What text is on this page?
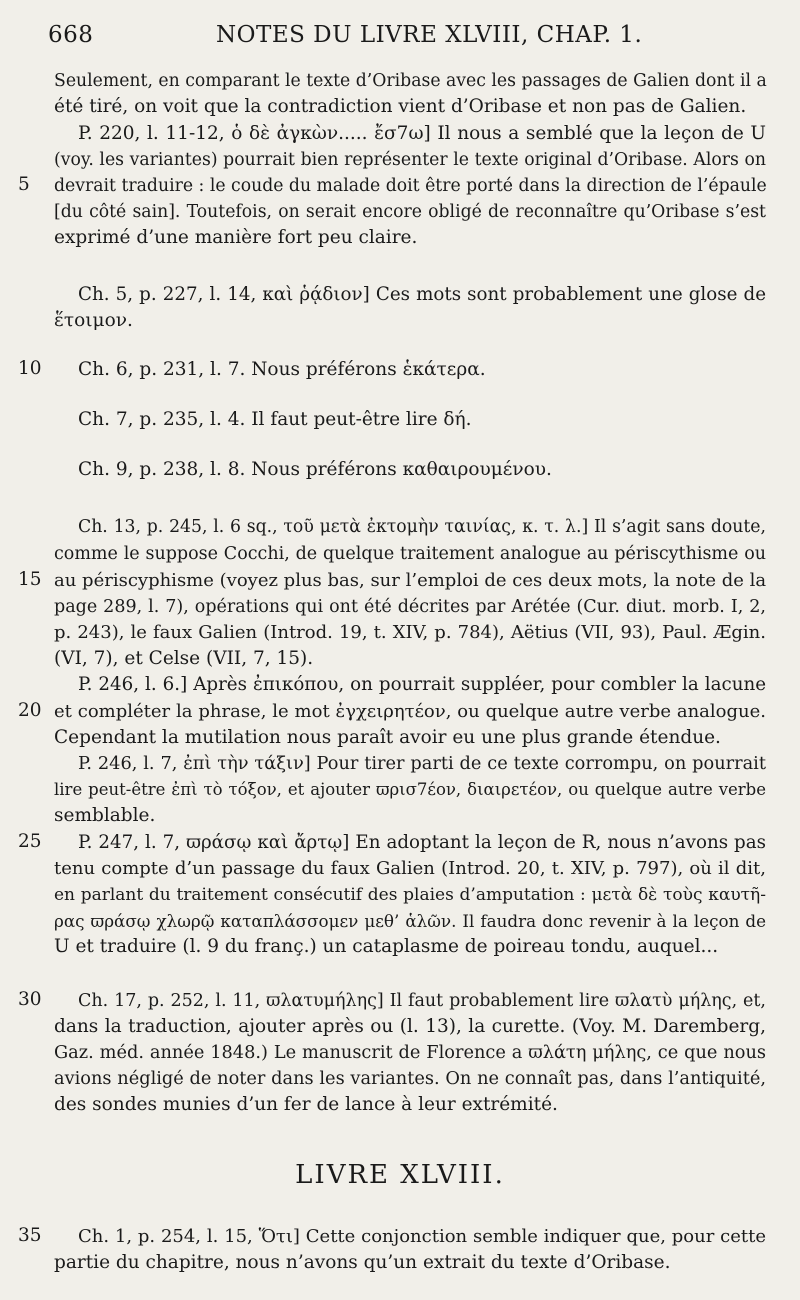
668	NOTES DU LIVRE XLVIII, CHAP. 1.
5
10
15
20
25
30
35
Seulement, en comparant le texte d’Oribase avec les passages de Galien dont il a
été tiré, on voit que la contradiction vient d’Oribase et non pas de Galien.
P. 220, l. 11-12, ὁ δὲ ἀγκὼν..... ἔσ7ω] Il nous a semblé que la leçon de U
(voy. les variantes) pourrait bien représenter le texte original d’Oribase. Alors on
devrait traduire : le coude du malade doit être porté dans la direction de l’épaule
[du côté sain]. Toutefois, on serait encore obligé de reconnaître qu’Oribase s’est
exprimé d’une manière fort peu claire.
Ch. 5, p. 227, l. 14, καὶ ῥᾴδιον] Ces mots sont probablement une glose de
ἕτοιμον.
Ch. 6, p. 231, l. 7. Nous préférons ἑκάτερα.
Ch. 7, p. 235, l. 4. Il faut peut-être lire δή.
Ch. 9, p. 238, l. 8. Nous préférons καθαιρουμένου.
Ch. 13, p. 245, l. 6 sq., τοῦ μετὰ ἐκτομὴν ταινίας, κ. τ. λ.] Il s’agit sans doute,
comme le suppose Cocchi, de quelque traitement analogue au périscythisme ou
au périscyphisme (voyez plus bas, sur l’emploi de ces deux mots, la note de la
page 289, l. 7), opérations qui ont été décrites par Arétée (Cur. diut. morb. I, 2,
p. 243), le faux Galien (Introd. 19, t. XIV, p. 784), Aëtius (VII, 93), Paul. Ægin.
(VI, 7), et Celse (VII, 7, 15).
P. 246, l. 6.] Après ἐπικόπου, on pourrait suppléer, pour combler la lacune
et compléter la phrase, le mot ἐγχειρητέον, ou quelque autre verbe analogue.
Cependant la mutilation nous paraît avoir eu une plus grande étendue.
P. 246, l. 7, ἐπὶ τὴν τάξιν] Pour tirer parti de ce texte corrompu, on pourrait
lire peut-être ἐπὶ τὸ τόξον, et ajouter ϖρισ7έον, διαιρετέον, ou quelque autre verbe
semblable.
P. 247, l. 7, ϖράσῳ καὶ ἄρτῳ] En adoptant la leçon de R, nous n’avons pas
tenu compte d’un passage du faux Galien (Introd. 20, t. XIV, p. 797), où il dit,
en parlant du traitement consécutif des plaies d’amputation : μετὰ δὲ τοὺς καυτῆ-
ρας ϖράσῳ χλωρῷ καταπλάσσομεν μεθ’ ἁλῶν. Il faudra donc revenir à la leçon de
U et traduire (l. 9 du franç.) un cataplasme de poireau tondu, auquel...
Ch. 17, p. 252, l. 11, ϖλατυμήλης] Il faut probablement lire ϖλατὺ μήλης, et,
dans la traduction, ajouter après ou (l. 13), la curette. (Voy. M. Daremberg,
Gaz. méd. année 1848.) Le manuscrit de Florence a ϖλάτη μήλης, ce que nous
avions négligé de noter dans les variantes. On ne connaît pas, dans l’antiquité,
des sondes munies d’un fer de lance à leur extrémité.
LIVRE XLVIII.
Ch. 1, p. 254, l. 15, Ὅτι] Cette conjonction semble indiquer que, pour cette
partie du chapitre, nous n’avons qu’un extrait du texte d’Oribase.
